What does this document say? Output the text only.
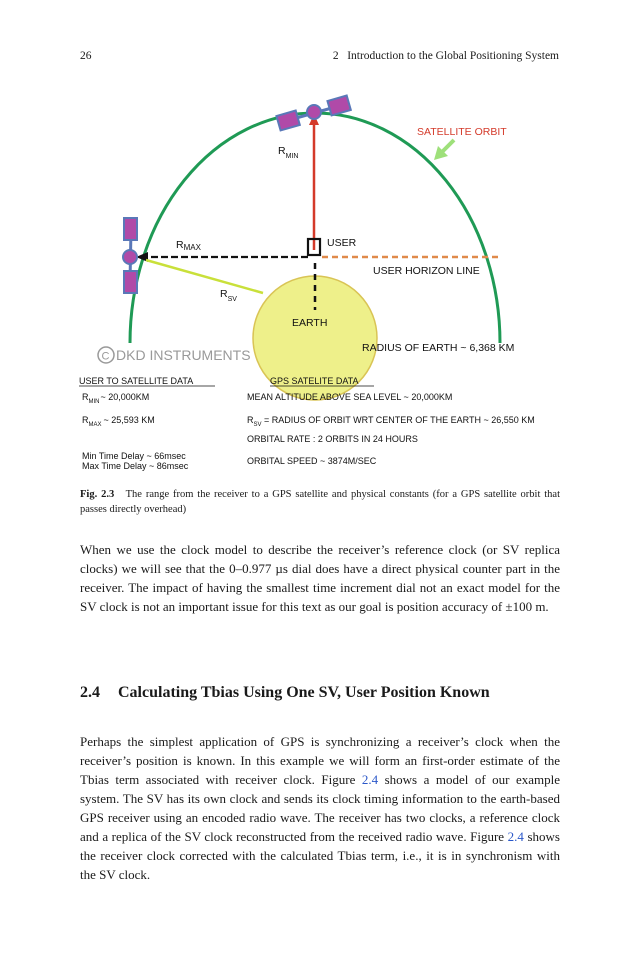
26	2   Introduction to the Global Positioning System
SATELLITE ORBIT
$R_{MIN}$
RMAX
$R_{SV}$
USER
USER HORIZON LINE
EARTH
C DKD INSTRUMENTS	RADIUS OF EARTH ~ 6,368 KM
USER TO SATELLITE DATA
$R_{MIN}\sim$ 20,000KM
$R_{MAX}$ ~ 25,593 KM
Min Time Delay ~ 66msec
Max Time Delay ~ 86msec
GPS SATELITE DATA
MEAN ALTITUDE ABOVE SEA LEVEL ~ 20,000KM
$R_{SV}$ = RADIUS OF ORBIT WRT CENTER OF THE EARTH ~ 26,550 KM
ORBITAL RATE : 2 ORBITS IN 24 HOURS
ORBITAL SPEED ~ 3874M/SEC
Fig. 2.3 The range from the receiver to a GPS satellite and physical constants (for a GPS satellite orbit that passes directly overhead)

When we use the clock model to describe the receiver’s reference clock (or SV replica clocks) we will see that the 0–0.977 µs dial does have a direct physical counter part in the receiver. The impact of having the smallest time increment dial not an exact model for the SV clock is not an important issue for this text as our goal is position accuracy of ±100 m.

2.4 Calculating Tbias Using One SV, User Position Known

Perhaps the simplest application of GPS is synchronizing a receiver’s clock when the receiver’s position is known. In this example we will form an first-order estimate of the Tbias term associated with receiver clock. Figure 2.4 shows a model of our example system. The SV has its own clock and sends its clock timing information to the earth-based GPS receiver using an encoded radio wave. The receiver has two clocks, a reference clock and a replica of the SV clock reconstructed from the received radio wave. Figure 2.4 shows the receiver clock corrected with the calculated Tbias term, i.e., it is in synchronism with the SV clock.
